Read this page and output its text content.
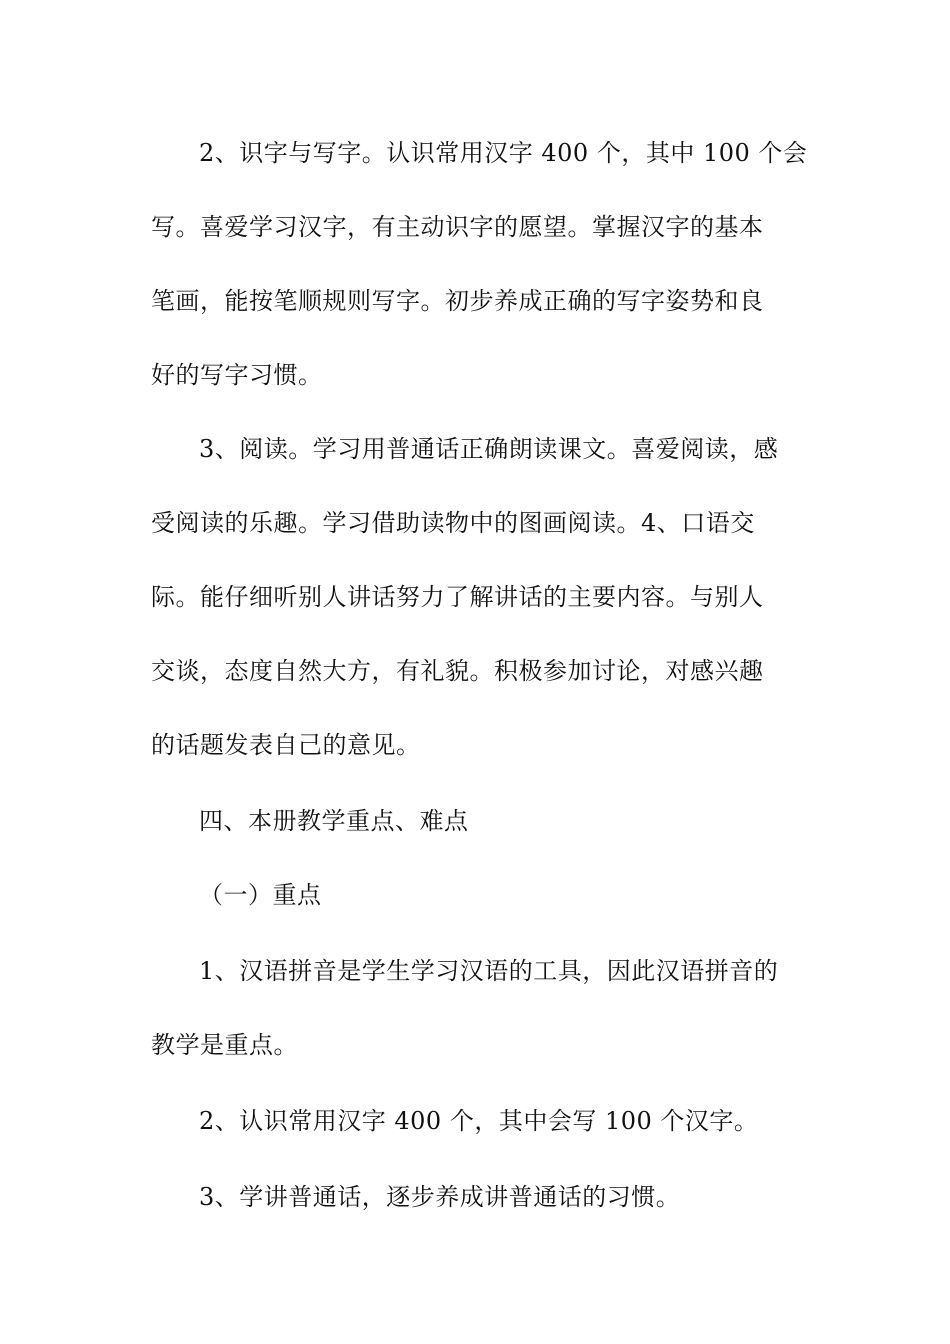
2、识字与写字。认识常用汉字 400 个，其中 100 个会
写。喜爱学习汉字，有主动识字的愿望。掌握汉字的基本
笔画，能按笔顺规则写字。初步养成正确的写字姿势和良
好的写字习惯。
3、阅读。学习用普通话正确朗读课文。喜爱阅读，感
受阅读的乐趣。学习借助读物中的图画阅读。4、口语交
际。能仔细听别人讲话努力了解讲话的主要内容。与别人
交谈，态度自然大方，有礼貌。积极参加讨论，对感兴趣
的话题发表自己的意见。
四、本册教学重点、难点
（一）重点
1、汉语拼音是学生学习汉语的工具，因此汉语拼音的
教学是重点。
2、认识常用汉字 400 个，其中会写 100 个汉字。
3、学讲普通话，逐步养成讲普通话的习惯。
